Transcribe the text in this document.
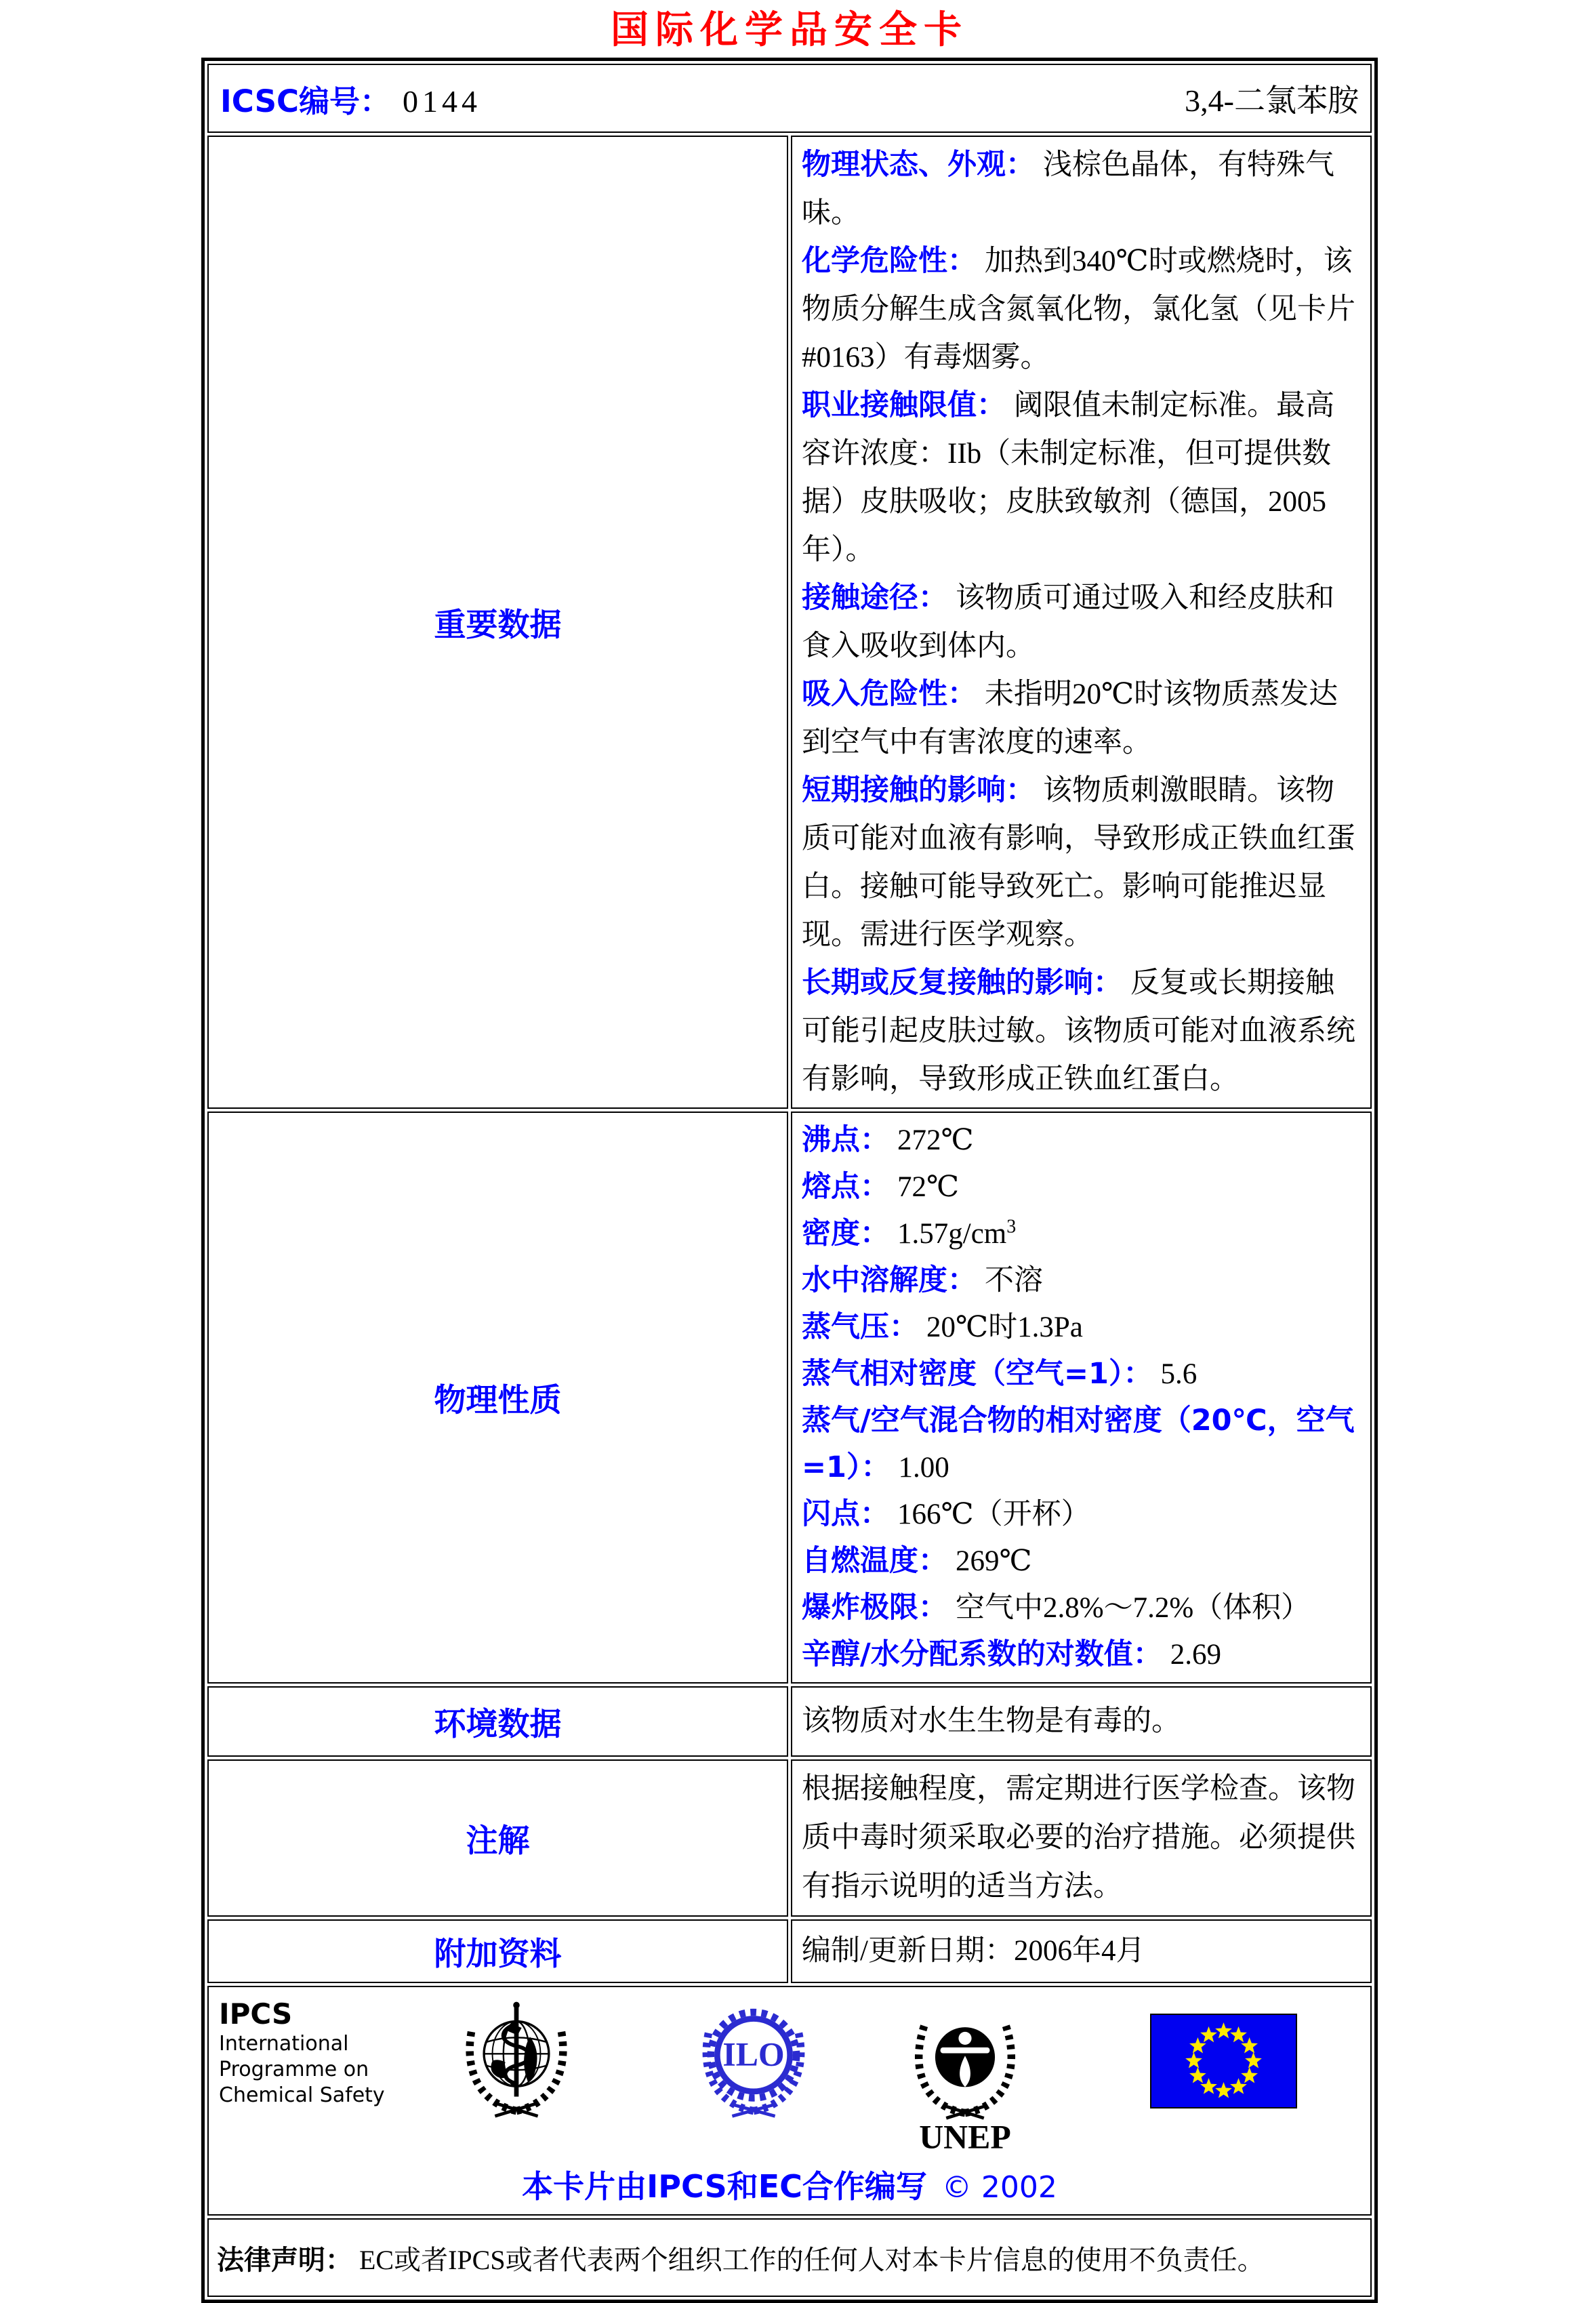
国际化学品安全卡
ICSC编号： 0144 3,4-二氯苯胺	

重要数据	
物理状态、外观： 浅棕色晶体，有特殊气味。
化学危险性： 加热到340℃时或燃烧时，该物质分解生成含氮氧化物，氯化氢（见卡片#0163）有毒烟雾。
职业接触限值： 阈限值未制定标准。最高容许浓度：IIb（未制定标准，但可提供数据）皮肤吸收；皮肤致敏剂（德国，2005年）。
接触途径： 该物质可通过吸入和经皮肤和食入吸收到体内。
吸入危险性： 未指明20℃时该物质蒸发达到空气中有害浓度的速率。
短期接触的影响： 该物质刺激眼睛。该物质可能对血液有影响，导致形成正铁血红蛋白。接触可能导致死亡。影响可能推迟显现。需进行医学观察。
长期或反复接触的影响： 反复或长期接触可能引起皮肤过敏。该物质可能对血液系统有影响，导致形成正铁血红蛋白。

物理性质	
沸点： 272℃
熔点： 72℃
密度： $1.57g/cm^3$
水中溶解度： 不溶
蒸气压： 20℃时1.3Pa
蒸气相对密度（空气=1）： 5.6
蒸气/空气混合物的相对密度（20℃，空气=1）： 1.00
闪点： 166℃（开杯）
自燃温度： 269℃
爆炸极限： 空气中2.8%～7.2%（体积）
辛醇/水分配系数的对数值： 2.69

环境数据	该物质对水生生物是有毒的。

注解	根据接触程度，需定期进行医学检查。该物质中毒时须采取必要的治疗措施。必须提供有指示说明的适当方法。

附加资料	编制/更新日期：2006年4月

IPCS
International
Programme on
Chemical Safety
ILO
UNEP
本卡片由IPCS和EC合作编写 © 2002

法律声明： EC或者IPCS或者代表两个组织工作的任何人对本卡片信息的使用不负责任。	
